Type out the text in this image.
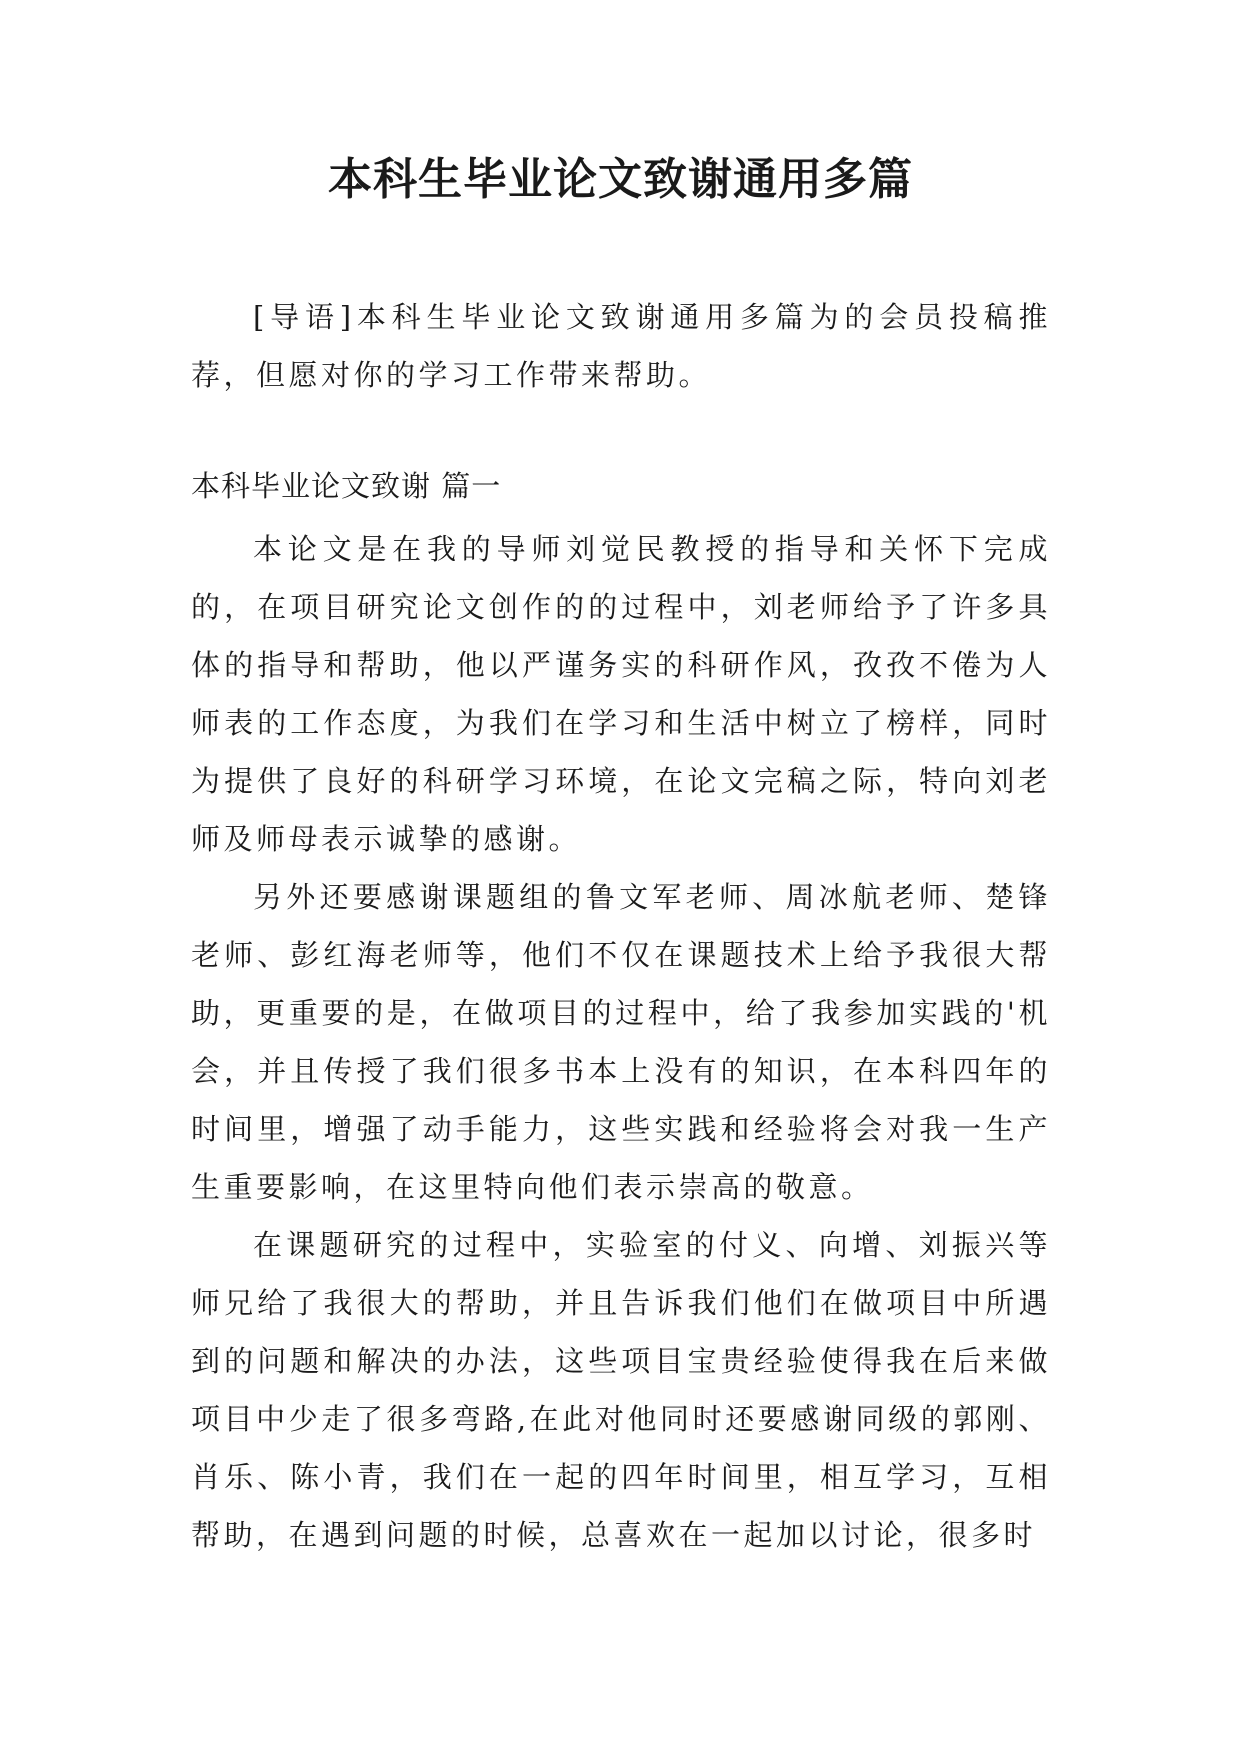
本科生毕业论文致谢通用多篇

[导语]本科生毕业论文致谢通用多篇为的会员投稿推荐，但愿对你的学习工作带来帮助。

本科毕业论文致谢 篇一

本论文是在我的导师刘觉民教授的指导和关怀下完成的，在项目研究论文创作的的过程中，刘老师给予了许多具体的指导和帮助，他以严谨务实的科研作风，孜孜不倦为人师表的工作态度，为我们在学习和生活中树立了榜样，同时为提供了良好的科研学习环境，在论文完稿之际，特向刘老师及师母表示诚挚的感谢。

另外还要感谢课题组的鲁文军老师、周冰航老师、楚锋老师、彭红海老师等，他们不仅在课题技术上给予我很大帮助，更重要的是，在做项目的过程中，给了我参加实践的'机会，并且传授了我们很多书本上没有的知识，在本科四年的时间里，增强了动手能力，这些实践和经验将会对我一生产生重要影响，在这里特向他们表示崇高的敬意。

在课题研究的过程中，实验室的付义、向增、刘振兴等师兄给了我很大的帮助，并且告诉我们他们在做项目中所遇到的问题和解决的办法，这些项目宝贵经验使得我在后来做项目中少走了很多弯路,在此对他同时还要感谢同级的郭刚、肖乐、陈小青，我们在一起的四年时间里，相互学习，互相帮助，在遇到问题的时候，总喜欢在一起加以讨论，很多时
